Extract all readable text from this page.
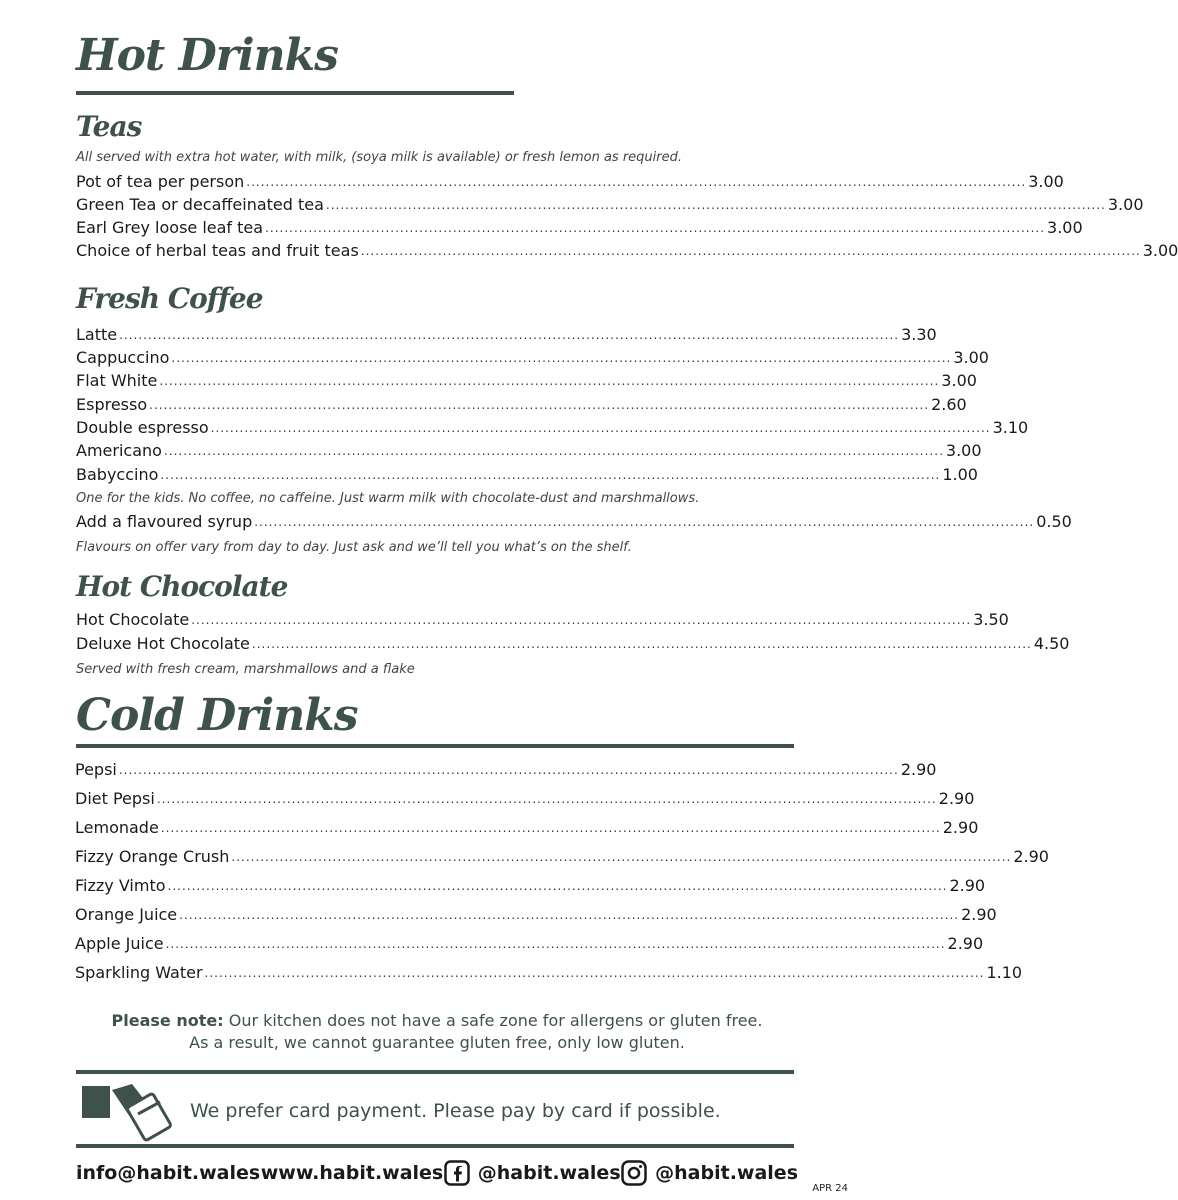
Hot Drinks
Teas
All served with extra hot water, with milk, (soya milk is available) or fresh lemon as required.
Pot of tea per person .................................................................................................................................................................. 3.00
Green Tea or decaffeinated tea .................................................................................................................................................................. 3.00
Earl Grey loose leaf tea .................................................................................................................................................................. 3.00
Choice of herbal teas and fruit teas .................................................................................................................................................................. 3.00
Fresh Coffee
Latte .................................................................................................................................................................. 3.30
Cappuccino .................................................................................................................................................................. 3.00
Flat White .................................................................................................................................................................. 3.00
Espresso .................................................................................................................................................................. 2.60
Double espresso .................................................................................................................................................................. 3.10
Americano .................................................................................................................................................................. 3.00
Babyccino .................................................................................................................................................................. 1.00
One for the kids. No coffee, no caffeine. Just warm milk with chocolate-dust and marshmallows.
Add a flavoured syrup .................................................................................................................................................................. 0.50
Flavours on offer vary from day to day. Just ask and we’ll tell you what’s on the shelf.
Hot Chocolate
Hot Chocolate .................................................................................................................................................................. 3.50
Deluxe Hot Chocolate .................................................................................................................................................................. 4.50
Served with fresh cream, marshmallows and a flake
Cold Drinks
Pepsi .................................................................................................................................................................. 2.90
Diet Pepsi .................................................................................................................................................................. 2.90
Lemonade .................................................................................................................................................................. 2.90
Fizzy Orange Crush .................................................................................................................................................................. 2.90
Fizzy Vimto .................................................................................................................................................................. 2.90
Orange Juice .................................................................................................................................................................. 2.90
Apple Juice .................................................................................................................................................................. 2.90
Sparkling Water .................................................................................................................................................................. 1.10
Please note: Our kitchen does not have a safe zone for allergens or gluten free.
As a result, we cannot guarantee gluten free, only low gluten.
We prefer card payment. Please pay by card if possible.
info@habit.wales www.habit.wales @habit.wales @habit.wales
APR 24
